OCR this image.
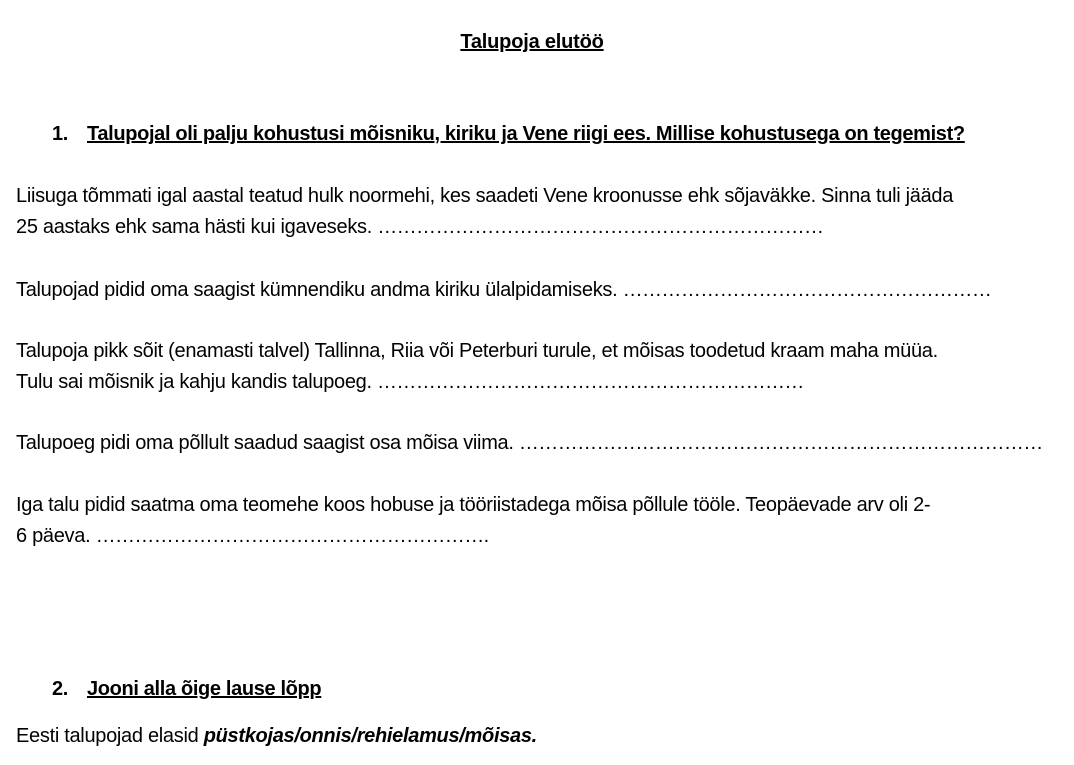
Talupoja elutöö
1. Talupojal oli palju kohustusi mõisniku, kiriku ja Vene riigi ees. Millise kohustusega on tegemist?
Liisuga tõmmati igal aastal teatud hulk noormehi, kes saadeti Vene kroonusse ehk sõjaväkke. Sinna tuli jääda
25 aastaks ehk sama hästi kui igaveseks. ……………………………………………………………
Talupojad pidid oma saagist kümnendiku andma kiriku ülalpidamiseks. …………………………………………………
Talupoja pikk sõit (enamasti talvel) Tallinna, Riia või Peterburi turule, et mõisas toodetud kraam maha müüa.
Tulu sai mõisnik ja kahju kandis talupoeg. …………………………………………………………
Talupoeg pidi oma põllult saadud saagist osa mõisa viima. ………………………………………………………………………
Iga talu pidid saatma oma teomehe koos hobuse ja tööriistadega mõisa põllule tööle. Teopäevade arv oli 2-
6 päeva. …………………………………………………….
2. Jooni alla õige lause lõpp
Eesti talupojad elasid püstkojas/onnis/rehielamus/mõisas.
